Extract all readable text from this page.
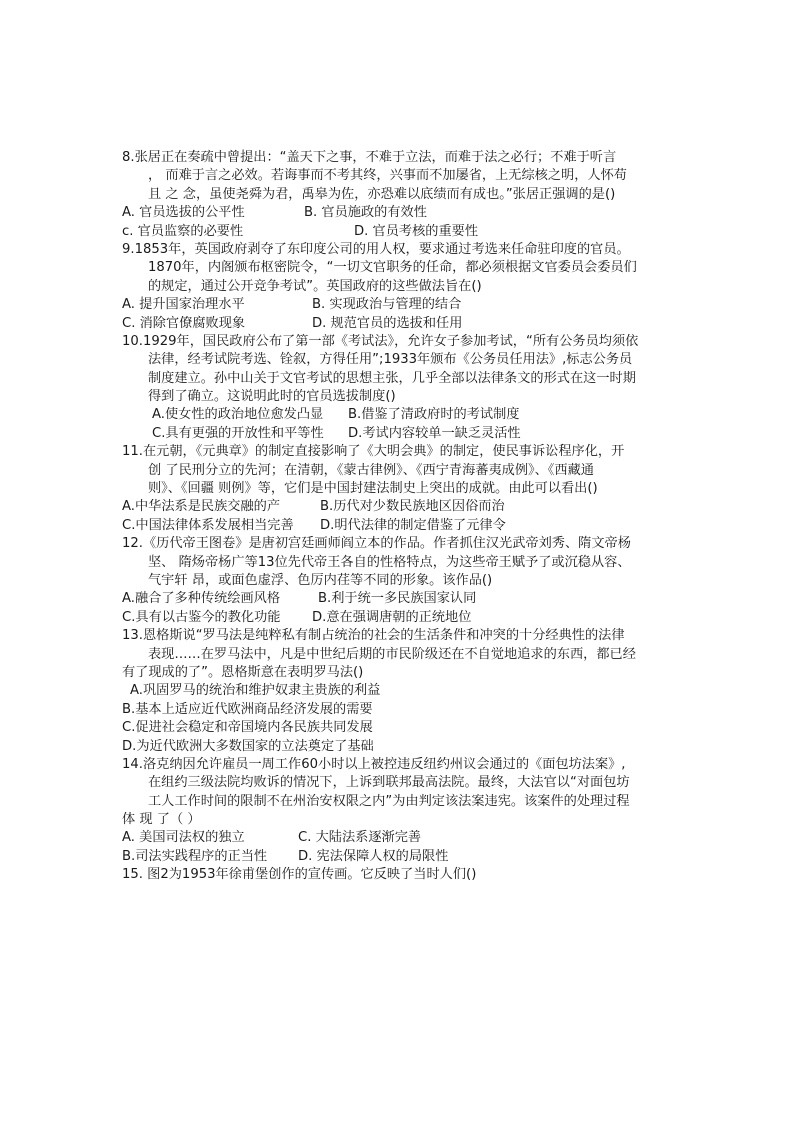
8.张居正在奏疏中曾提出：“盖天下之事，不难于立法，而难于法之必行；不难于听言
， 而难于言之必效。若诲事而不考其终，兴事而不加屡省，上无综核之明，人怀苟
且 之 念，虽使尧舜为君，禹皋为佐，亦恐难以底绩而有成也。”张居正强调的是()
A. 官员选拔的公平性	B. 官员施政的有效性
c. 官员监察的必要性	D. 官员考核的重要性
9.1853年，英国政府剥夺了东印度公司的用人权，要求通过考选来任命驻印度的官员。
1870年，内阁颁布枢密院令，“一切文官职务的任命，都必须根据文官委员会委员们
的规定，通过公开竞争考试”。英国政府的这些做法旨在()
A. 提升国家治理水平	B. 实现政治与管理的结合
C. 消除官僚腐败现象	D. 规范官员的选拔和任用
10.1929年，国民政府公布了第一部《考试法》，允许女子参加考试，“所有公务员均须依
法律，经考试院考选、铨叙，方得任用”;1933年颁布《公务员任用法》,标志公务员
制度建立。孙中山关于文官考试的思想主张，几乎全部以法律条文的形式在这一时期
得到了确立。这说明此时的官员选拔制度()
A.使女性的政治地位愈发凸显	B.借鉴了清政府时的考试制度
C.具有更强的开放性和平等性	D.考试内容较单一缺乏灵活性
11.在元朝，《元典章》的制定直接影响了《大明会典》的制定，使民事诉讼程序化，开
创 了民刑分立的先河；在清朝，《蒙古律例》、《西宁青海蕃夷成例》、《西藏通
则》、《回疆 则例》等，它们是中国封建法制史上突出的成就。由此可以看出()
A.中华法系是民族交融的产	B.历代对少数民族地区因俗而治
C.中国法律体系发展相当完善	D.明代法律的制定借鉴了元律令
12.《历代帝王图卷》是唐初宫廷画师阎立本的作品。作者抓住汉光武帝刘秀、隋文帝杨
坚、 隋炀帝杨广等13位先代帝王各自的性格特点，为这些帝王赋予了或沉稳从容、
气宇轩 昂，或面色虚浮、色厉内荏等不同的形象。该作品()
A.融合了多种传统绘画风格	B.利于统一多民族国家认同
C.具有以古鉴今的教化功能	D.意在强调唐朝的正统地位
13.恩格斯说“罗马法是纯粹私有制占统治的社会的生活条件和冲突的十分经典性的法律
表现……在罗马法中，凡是中世纪后期的市民阶级还在不自觉地追求的东西，都已经
有了现成的了”。恩格斯意在表明罗马法()
A.巩固罗马的统治和维护奴隶主贵族的利益
B.基本上适应近代欧洲商品经济发展的需要
C.促进社会稳定和帝国境内各民族共同发展
D.为近代欧洲大多数国家的立法奠定了基础
14.洛克纳因允许雇员一周工作60小时以上被控违反纽约州议会通过的《面包坊法案》,
在组约三级法院均败诉的情况下，上诉到联邦最高法院。最终，大法官以“对面包坊
工人工作时间的限制不在州治安权限之内”为由判定该法案违宪。该案件的处理过程
体 现 了（ ）
A. 美国司法权的独立	C. 大陆法系逐渐完善
B.司法实践程序的正当性	D. 宪法保障人权的局限性
15. 图2为1953年徐甫堡创作的宣传画。它反映了当时人们()
